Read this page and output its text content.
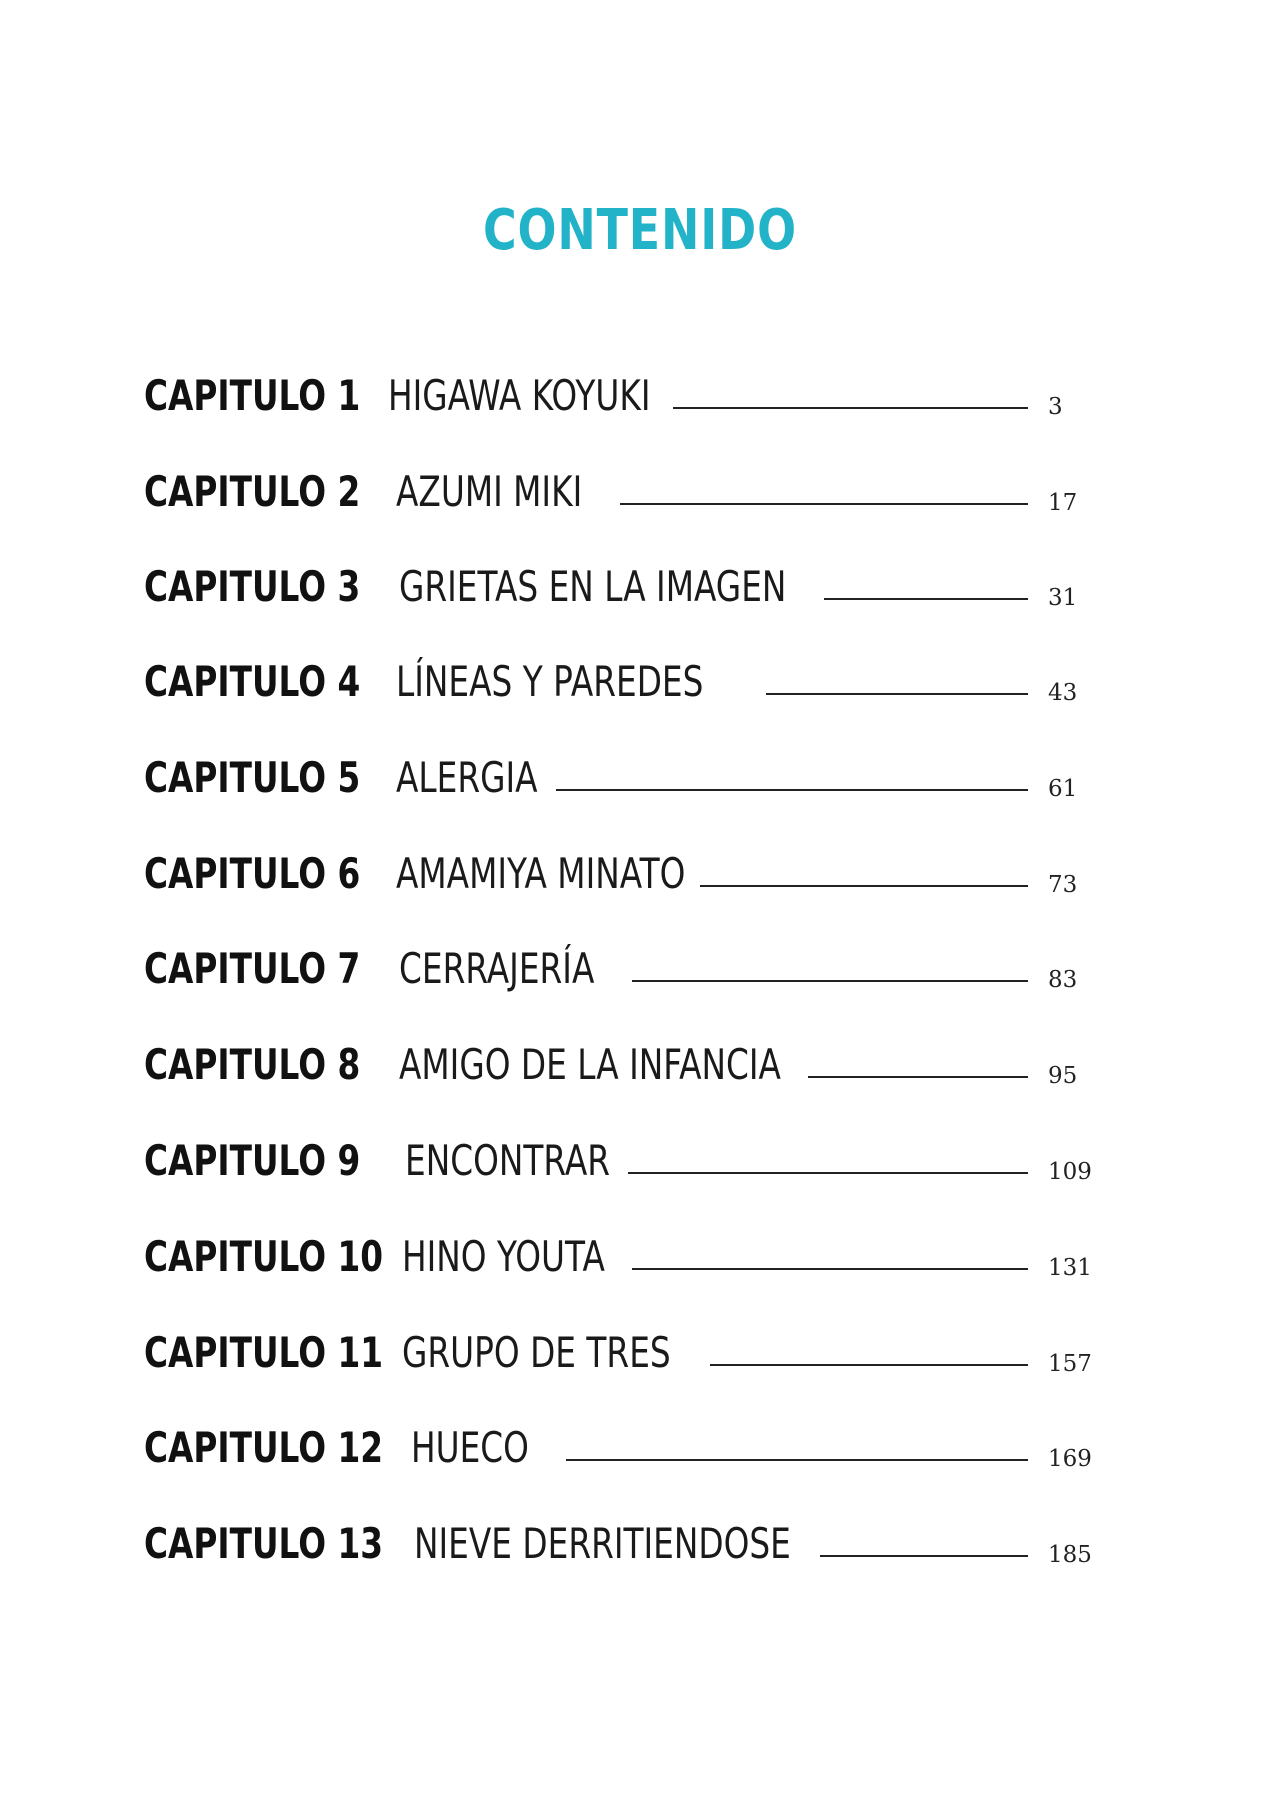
CONTENIDO
CAPITULO 1 HIGAWA KOYUKI	3
CAPITULO 2 AZUMI MIKI	17
CAPITULO 3 GRIETAS EN LA IMAGEN	31
CAPITULO 4 LÍNEAS Y PAREDES	43
CAPITULO 5 ALERGIA	61
CAPITULO 6 AMAMIYA MINATO	73
CAPITULO 7 CERRAJERÍA	83
CAPITULO 8 AMIGO DE LA INFANCIA	95
CAPITULO 9 ENCONTRAR	109
CAPITULO 10 HINO YOUTA	131
CAPITULO 11 GRUPO DE TRES	157
CAPITULO 12 HUECO	169
CAPITULO 13 NIEVE DERRITIENDOSE	185
